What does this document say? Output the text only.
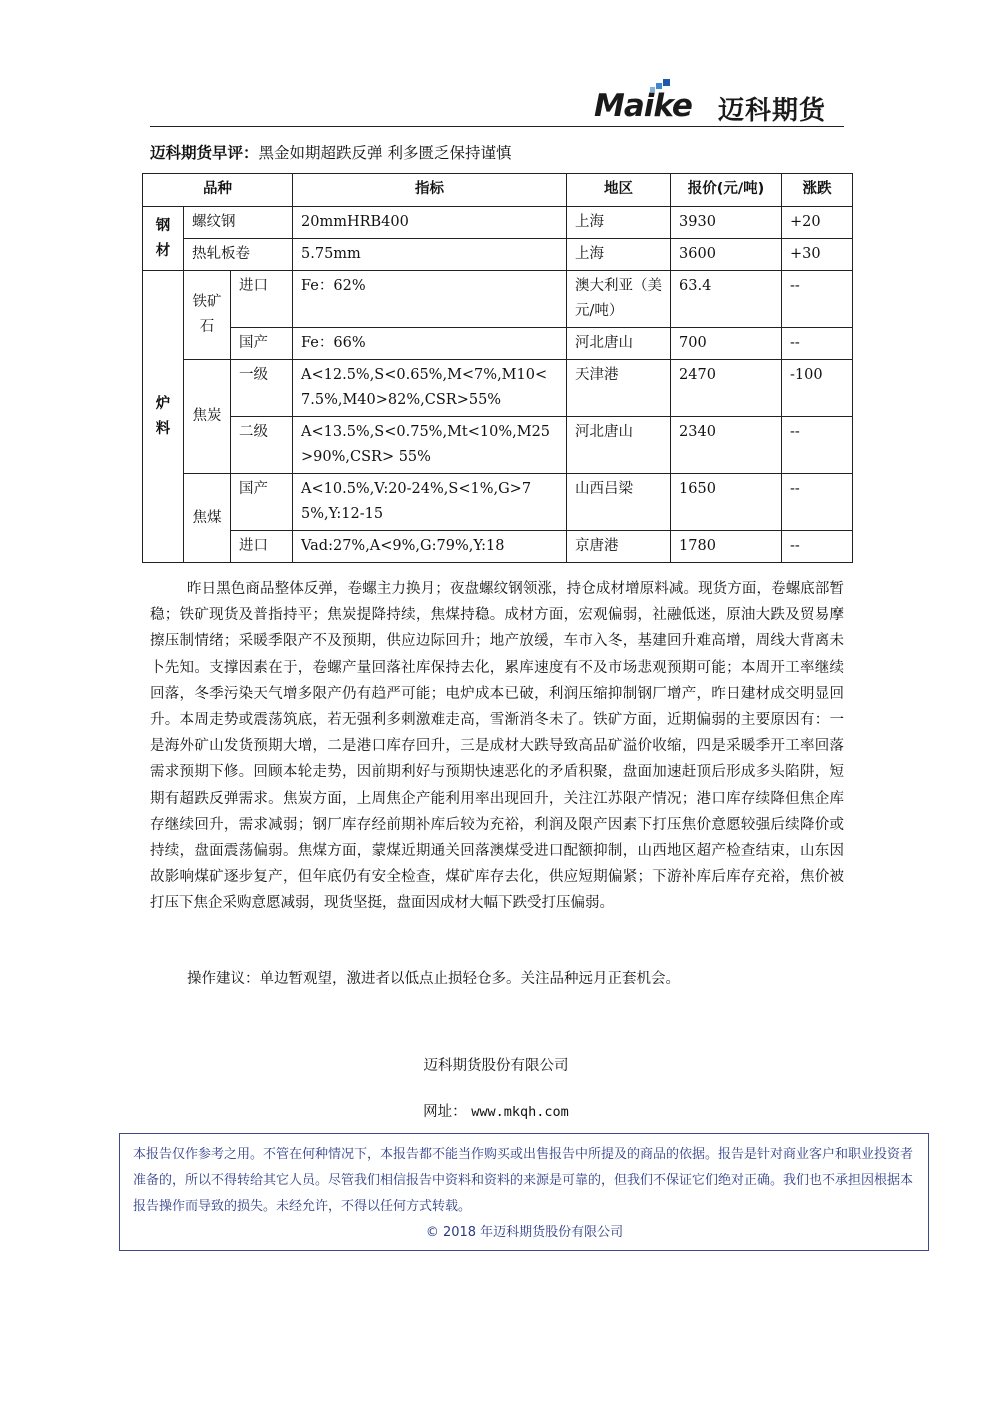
Maike 迈科期货
迈科期货早评：黑金如期超跌反弹 利多匮乏保持谨慎
品种			指标	地区	报价(元/吨)	涨跌
钢材	螺纹钢		20mmHRB400	上海	3930	+20
	热轧板卷		5.75mm	上海	3600	+30
炉料	铁矿石	进口	Fe：62%	澳大利亚（美元/吨）	63.4	--
		国产	Fe：66%	河北唐山	700	--
	焦炭	一级	A<12.5%,S<0.65%,M<7%,M10<7.5%,M40>82%,CSR>55%	天津港	2470	-100
		二级	A<13.5%,S<0.75%,Mt<10%,M25>90%,CSR> 55%	河北唐山	2340	--
	焦煤	国产	A<10.5%,V:20-24%,S<1%,G>75%,Y:12-15	山西吕梁	1650	--
		进口	Vad:27%,A<9%,G:79%,Y:18	京唐港	1780	--
昨日黑色商品整体反弹，卷螺主力换月；夜盘螺纹钢领涨，持仓成材增原料减。现货方面，卷螺底部暂稳；铁矿现货及普指持平；焦炭提降持续，焦煤持稳。成材方面，宏观偏弱，社融低迷，原油大跌及贸易摩擦压制情绪；采暖季限产不及预期，供应边际回升；地产放缓，车市入冬，基建回升难高增，周线大背离未卜先知。支撑因素在于，卷螺产量回落社库保持去化，累库速度有不及市场悲观预期可能；本周开工率继续回落，冬季污染天气增多限产仍有趋严可能；电炉成本已破，利润压缩抑制钢厂增产，昨日建材成交明显回升。本周走势或震荡筑底，若无强利多刺激难走高，雪渐消冬未了。铁矿方面，近期偏弱的主要原因有：一是海外矿山发货预期大增，二是港口库存回升，三是成材大跌导致高品矿溢价收缩，四是采暖季开工率回落需求预期下修。回顾本轮走势，因前期利好与预期快速恶化的矛盾积聚，盘面加速赶顶后形成多头陷阱，短期有超跌反弹需求。焦炭方面，上周焦企产能利用率出现回升，关注江苏限产情况；港口库存续降但焦企库存继续回升，需求减弱；钢厂库存经前期补库后较为充裕，利润及限产因素下打压焦价意愿较强后续降价或持续，盘面震荡偏弱。焦煤方面，蒙煤近期通关回落澳煤受进口配额抑制，山西地区超产检查结束，山东因故影响煤矿逐步复产，但年底仍有安全检查，煤矿库存去化，供应短期偏紧；下游补库后库存充裕，焦价被打压下焦企采购意愿减弱，现货坚挺，盘面因成材大幅下跌受打压偏弱。
操作建议：单边暂观望，激进者以低点止损轻仓多。关注品种远月正套机会。
迈科期货股份有限公司
网址： www.mkqh.com
本报告仅作参考之用。不管在何种情况下，本报告都不能当作购买或出售报告中所提及的商品的依据。报告是针对商业客户和职业投资者准备的，所以不得转给其它人员。尽管我们相信报告中资料和资料的来源是可靠的，但我们不保证它们绝对正确。我们也不承担因根据本报告操作而导致的损失。未经允许，不得以任何方式转载。
© 2018 年迈科期货股份有限公司
